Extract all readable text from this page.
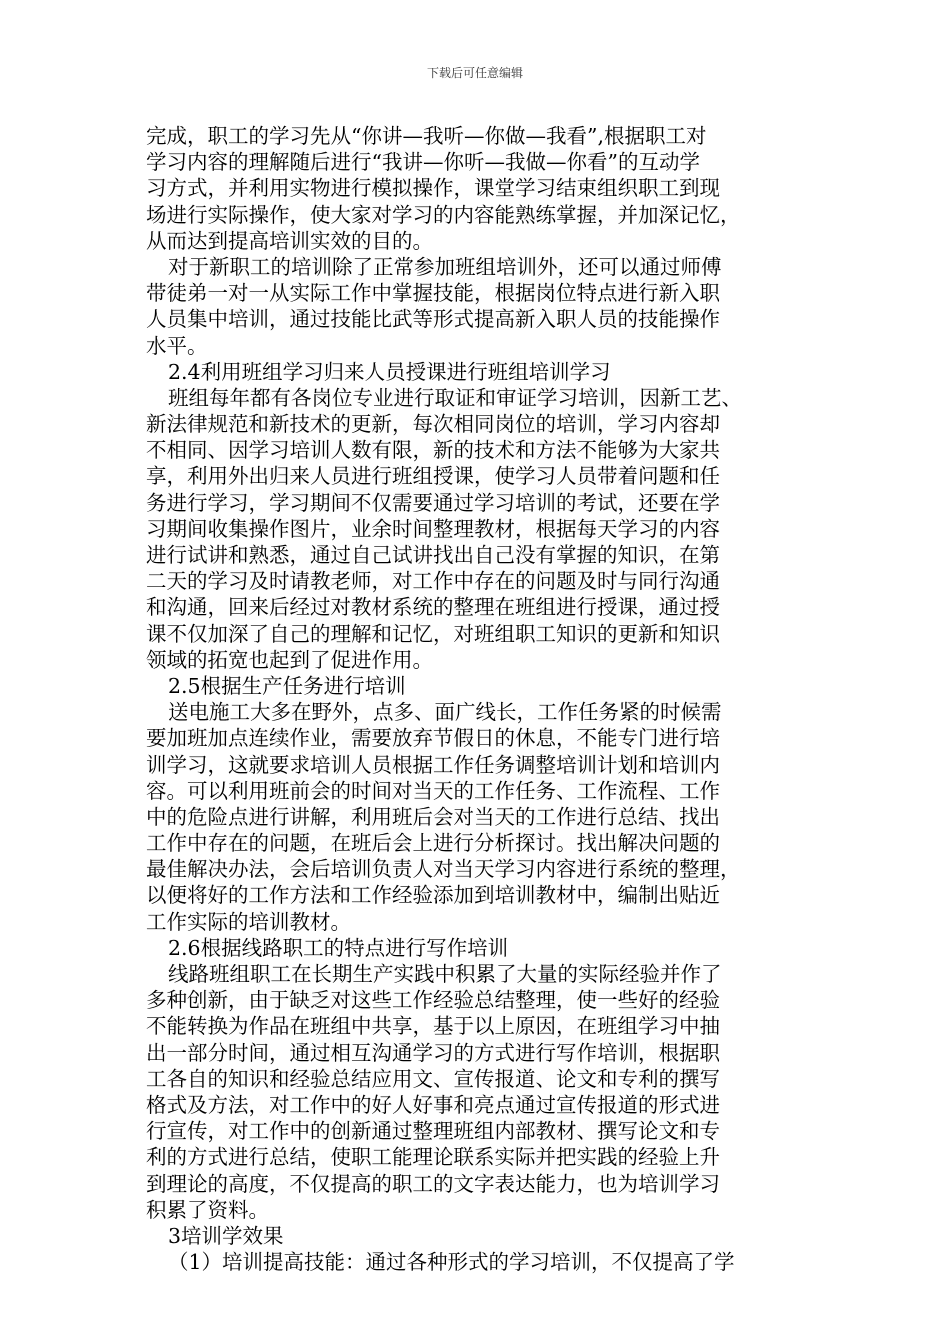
下载后可任意编辑
完成，职工的学习先从“你讲—我听—你做—我看”,根据职工对
学习内容的理解随后进行“我讲—你听—我做—你看”的互动学
习方式，并利用实物进行模拟操作，课堂学习结束组织职工到现
场进行实际操作，使大家对学习的内容能熟练掌握，并加深记忆，
从而达到提高培训实效的目的。
对于新职工的培训除了正常参加班组培训外，还可以通过师傅
带徒弟一对一从实际工作中掌握技能，根据岗位特点进行新入职
人员集中培训，通过技能比武等形式提高新入职人员的技能操作
水平。
2.4利用班组学习归来人员授课进行班组培训学习
班组每年都有各岗位专业进行取证和审证学习培训，因新工艺、
新法律规范和新技术的更新，每次相同岗位的培训，学习内容却
不相同、因学习培训人数有限，新的技术和方法不能够为大家共
享，利用外出归来人员进行班组授课，使学习人员带着问题和任
务进行学习，学习期间不仅需要通过学习培训的考试，还要在学
习期间收集操作图片，业余时间整理教材，根据每天学习的内容
进行试讲和熟悉，通过自己试讲找出自己没有掌握的知识，在第
二天的学习及时请教老师，对工作中存在的问题及时与同行沟通
和沟通，回来后经过对教材系统的整理在班组进行授课，通过授
课不仅加深了自己的理解和记忆，对班组职工知识的更新和知识
领域的拓宽也起到了促进作用。
2.5根据生产任务进行培训
送电施工大多在野外，点多、面广线长，工作任务紧的时候需
要加班加点连续作业，需要放弃节假日的休息，不能专门进行培
训学习，这就要求培训人员根据工作任务调整培训计划和培训内
容。可以利用班前会的时间对当天的工作任务、工作流程、工作
中的危险点进行讲解，利用班后会对当天的工作进行总结、找出
工作中存在的问题，在班后会上进行分析探讨。找出解决问题的
最佳解决办法，会后培训负责人对当天学习内容进行系统的整理，
以便将好的工作方法和工作经验添加到培训教材中，编制出贴近
工作实际的培训教材。
2.6根据线路职工的特点进行写作培训
线路班组职工在长期生产实践中积累了大量的实际经验并作了
多种创新，由于缺乏对这些工作经验总结整理，使一些好的经验
不能转换为作品在班组中共享，基于以上原因，在班组学习中抽
出一部分时间，通过相互沟通学习的方式进行写作培训，根据职
工各自的知识和经验总结应用文、宣传报道、论文和专利的撰写
格式及方法，对工作中的好人好事和亮点通过宣传报道的形式进
行宣传，对工作中的创新通过整理班组内部教材、撰写论文和专
利的方式进行总结，使职工能理论联系实际并把实践的经验上升
到理论的高度，不仅提高的职工的文字表达能力，也为培训学习
积累了资料。
3培训学效果
（1）培训提高技能：通过各种形式的学习培训，不仅提高了学
